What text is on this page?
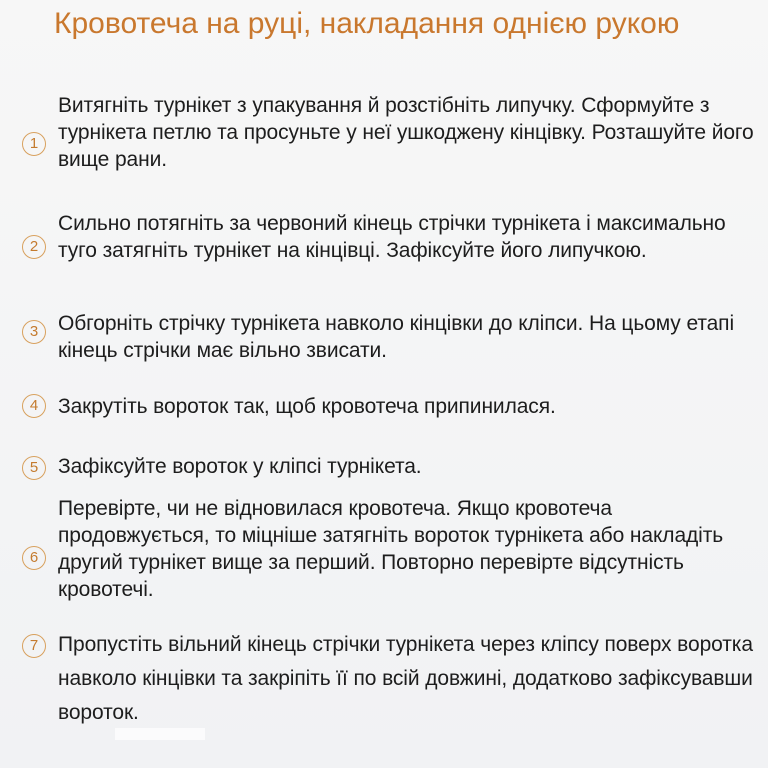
Кровотеча на руці, накладання однією рукою
1

Витягніть турнікет з упакування й розстібніть липучку. Сформуйте з турнікета петлю та просуньте у неї ушкоджену кінцівку. Розташуйте його вище рани.

2

Сильно потягніть за червоний кінець стрічки турнікета і максимально туго затягніть турнікет на кінцівці. Зафіксуйте його липучкою.

3 Обгорніть стрічку турнікета навколо кінцівки до кліпси. На цьому етапі кінець стрічки має вільно звисати.

4 Закрутіть вороток так, щоб кровотеча припинилася.

5 Зафіксуйте вороток у кліпсі турнікета.

6

Перевірте, чи не відновилася кровотеча. Якщо кровотеча продовжується, то міцніше затягніть вороток турнікета або накладіть другий турнікет вище за перший. Повторно перевірте відсутність кровотечі.

7 Пропустіть вільний кінець стрічки турнікета через кліпсу поверх воротка навколо кінцівки та закріпіть її по всій довжині, додатково зафіксувавши вороток.
